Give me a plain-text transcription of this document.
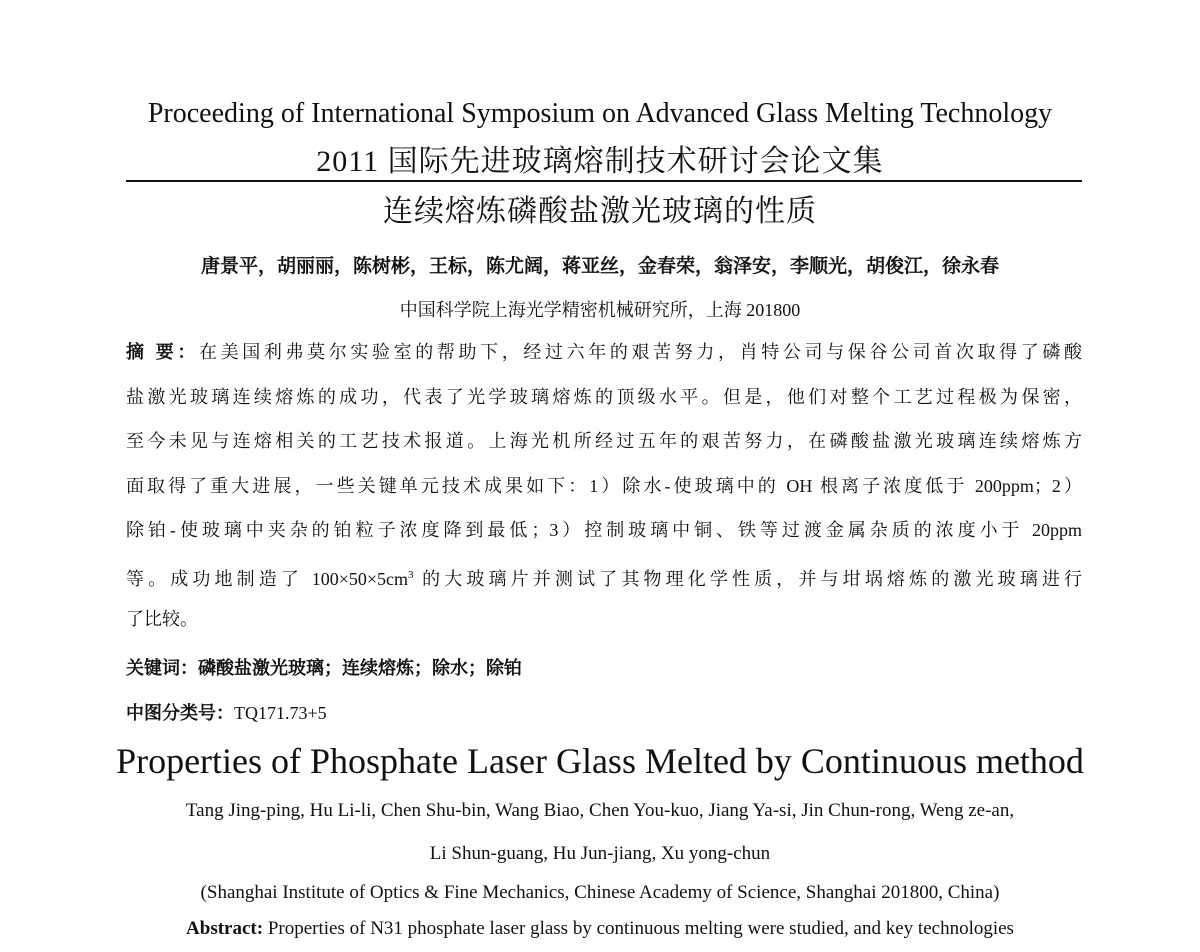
Proceeding of International Symposium on Advanced Glass Melting Technology
2011 国际先进玻璃熔制技术研讨会论文集
连续熔炼磷酸盐激光玻璃的性质
唐景平，胡丽丽，陈树彬，王标，陈尤阔，蒋亚丝，金春荣，翁泽安，李顺光，胡俊江，徐永春
中国科学院上海光学精密机械研究所，上海 201800
摘 要：在美国利弗莫尔实验室的帮助下，经过六年的艰苦努力，肖特公司与保谷公司首次取得了磷酸
盐激光玻璃连续熔炼的成功，代表了光学玻璃熔炼的顶级水平。但是，他们对整个工艺过程极为保密，
至今未见与连熔相关的工艺技术报道。上海光机所经过五年的艰苦努力，在磷酸盐激光玻璃连续熔炼方
面取得了重大进展，一些关键单元技术成果如下：1）除水-使玻璃中的 OH 根离子浓度低于 200ppm；2）
除铂-使玻璃中夹杂的铂粒子浓度降到最低；3）控制玻璃中铜、铁等过渡金属杂质的浓度小于 20ppm
等。成功地制造了 $100\times 50\times 5cm^3$ 的大玻璃片并测试了其物理化学性质，并与坩埚熔炼的激光玻璃进行
了比较。
关键词：磷酸盐激光玻璃；连续熔炼；除水；除铂
中图分类号：TQ171.73+5
Properties of Phosphate Laser Glass Melted by Continuous method
Tang Jing-ping, Hu Li-li, Chen Shu-bin, Wang Biao, Chen You-kuo, Jiang Ya-si, Jin Chun-rong, Weng ze-an,
Li Shun-guang, Hu Jun-jiang, Xu yong-chun
(Shanghai Institute of Optics & Fine Mechanics, Chinese Academy of Science, Shanghai 201800, China)
Abstract: Properties of N31 phosphate laser glass by continuous melting were studied, and key technologies
